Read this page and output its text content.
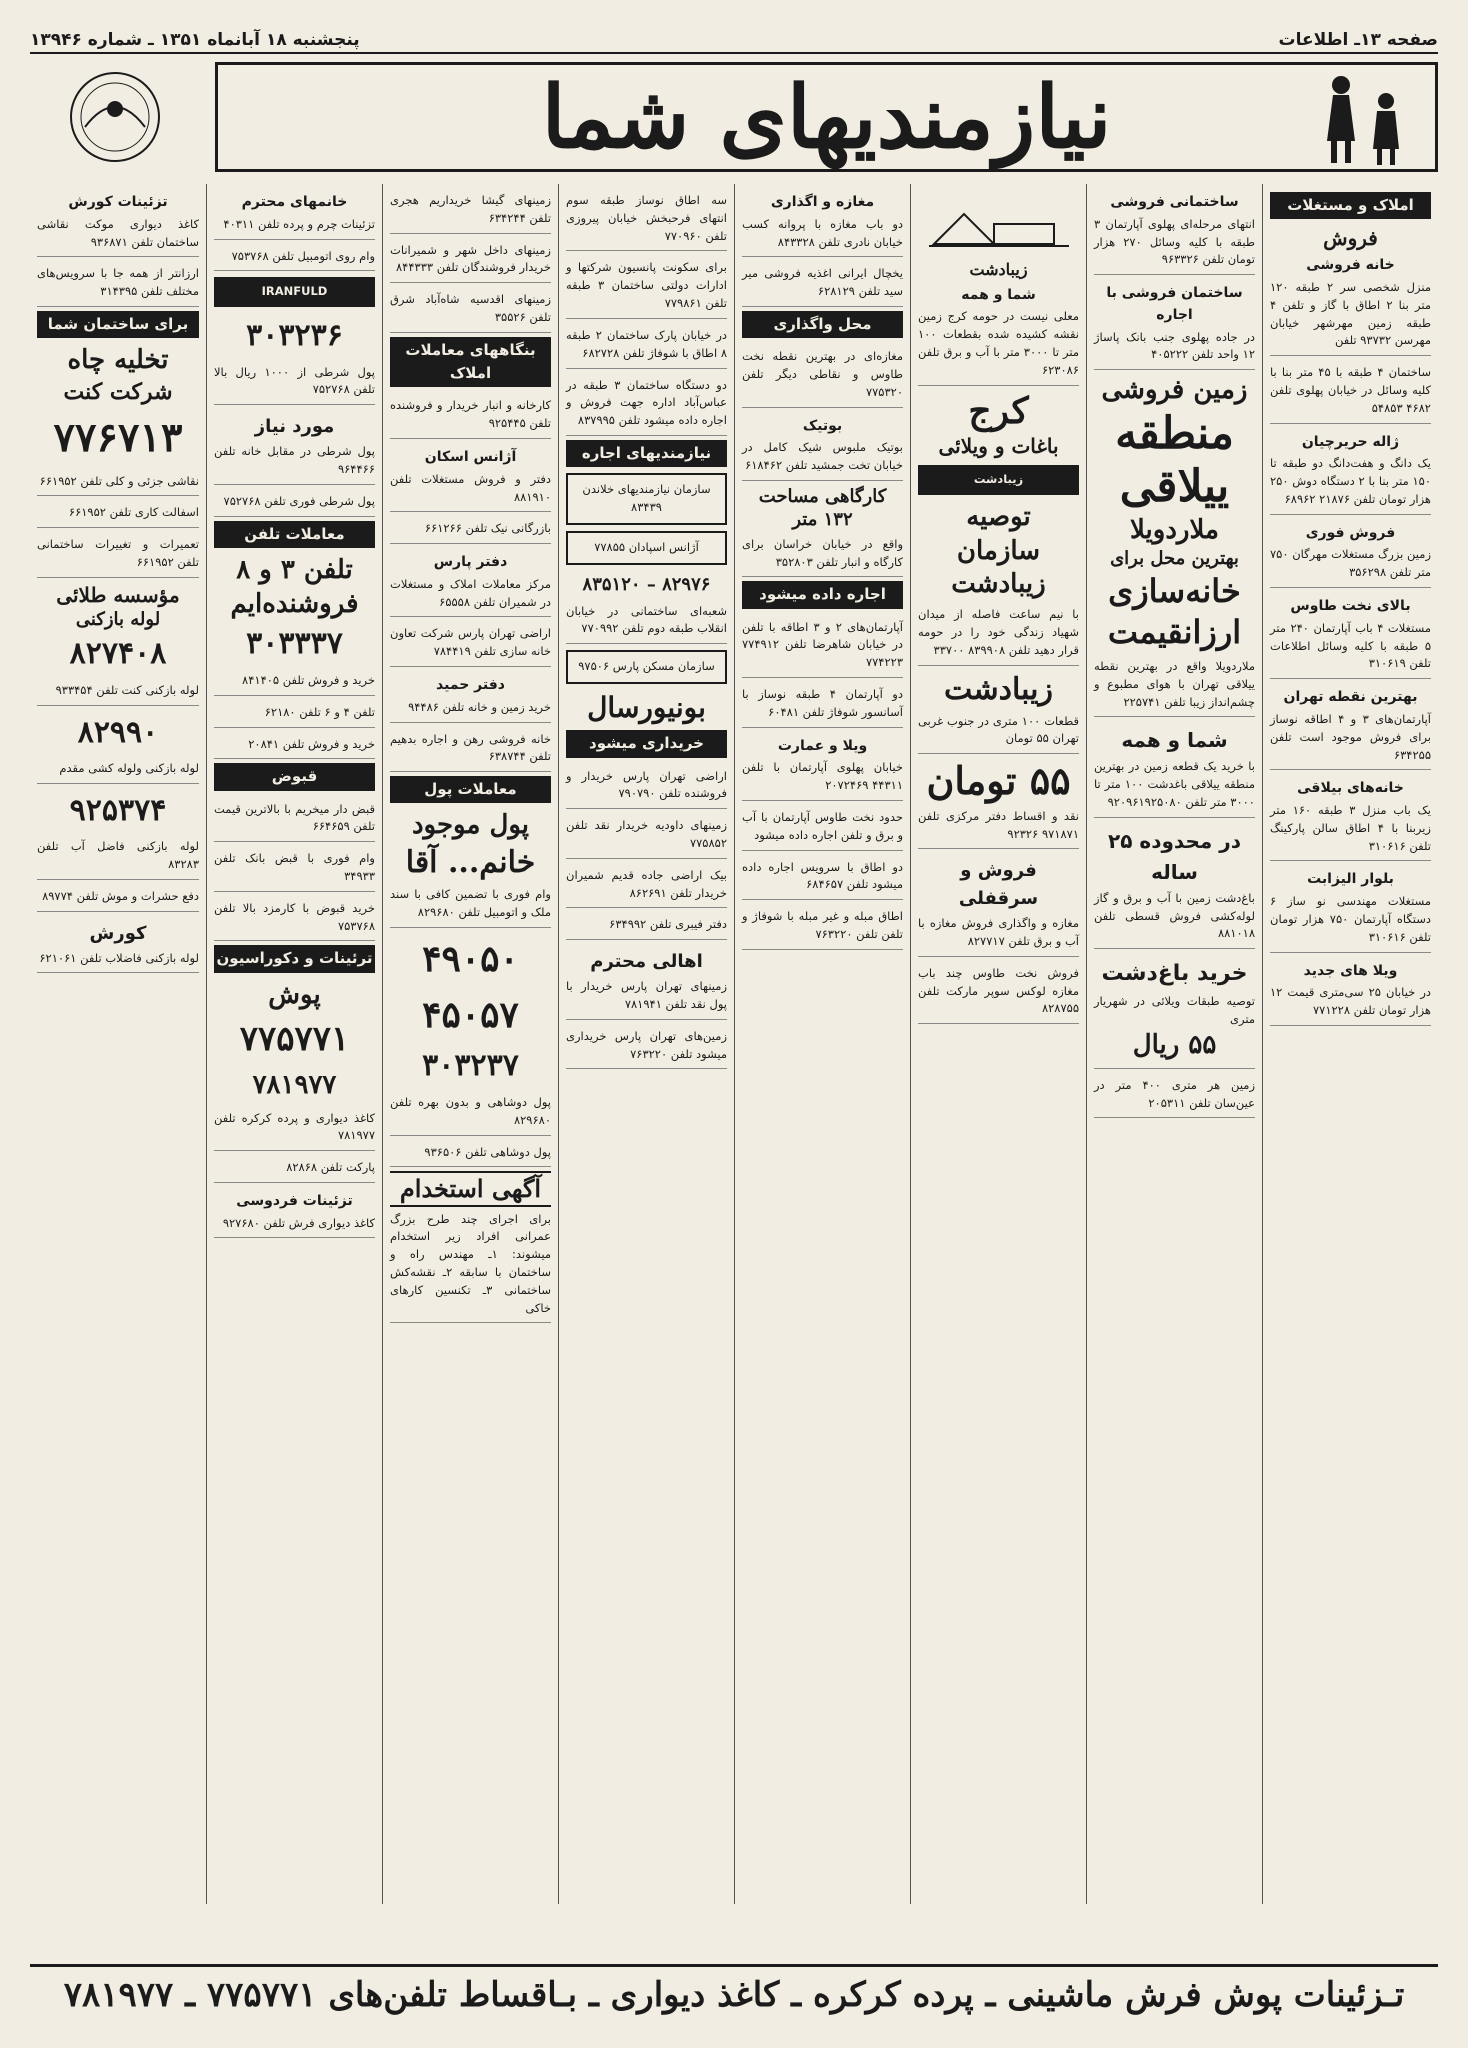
صفحه ۱۳ـ اطلاعات
پنجشنبه ۱۸ آبانماه ۱۳۵۱ ـ شماره ۱۳۹۴۶
نیازمندیهای شما
املاک و مستغلات
فروش
خانه فروشی

منزل شخصی سر ۲ طبقه ۱۲۰ متر بنا ۲ اطاق با گاز و تلفن ۴ طبقه زمین مهرشهر خیابان مهرسن ۹۳۷۳۲ تلفن

ساختمان ۴ طبقه با ۴۵ متر بنا با کلیه وسائل در خیابان پهلوی تلفن ۴۶۸۲ ۵۴۸۵۳

ژاله حریرچیان

یک دانگ و هفت‌دانگ دو طبقه تا ۱۵۰ متر بنا با ۲ دستگاه دوش ۲۵۰ هزار تومان تلفن ۲۱۸۷۶ ۶۸۹۶۲

فروش فوری

زمین بزرگ مستغلات مهرگان ۷۵۰ متر تلفن ۳۵۶۲۹۸

بالای نخت طاوس

مستغلات ۴ باب آپارتمان ۲۴۰ متر ۵ طبقه با کلیه وسائل اطلاعات تلفن ۳۱۰۶۱۹

بهترین نقطه تهران

آپارتمان‌های ۳ و ۴ اطاقه نوساز برای فروش موجود است تلفن ۶۳۴۲۵۵

خانه‌های بیلاقی

یک باب منزل ۳ طبقه ۱۶۰ متر زیربنا با ۴ اطاق سالن پارکینگ تلفن ۳۱۰۶۱۶

بلوار الیزابت

مستغلات مهندسی نو ساز ۶ دستگاه آپارتمان ۷۵۰ هزار تومان تلفن ۳۱۰۶۱۶

ویلا های جدید

در خیابان ۲۵ سی‌متری قیمت ۱۲ هزار تومان تلفن ۷۷۱۲۲۸

ساختمانی فروشی

انتهای مرحله‌ای پهلوی آپارتمان ۳ طبقه با کلیه وسائل ۲۷۰ هزار تومان تلفن ۹۶۳۳۲۶

ساختمان فروشی با اجاره

در جاده پهلوی جنب بانک پاساژ ۱۲ واحد تلفن ۴۰۵۲۲۲

زمین فروشی
منطقه
ییلاقی
ملاردویلا
بهترین محل برای
خانه‌سازی
ارزانقیمت

ملاردویلا واقع در بهترین نقطه ییلاقی تهران با هوای مطبوع و چشم‌انداز زیبا تلفن ۲۲۵۷۴۱

شما و همه

با خرید یک قطعه زمین در بهترین منطقه ییلاقی باغدشت ۱۰۰ متر تا ۳۰۰۰ متر تلفن ۹۲۰۹۶۱۹۲۵۰۸۰

در محدوده ۲۵ ساله

باغ‌دشت زمین با آب و برق و گاز لوله‌کشی فروش قسطی تلفن ۸۸۱۰۱۸

خرید باغ‌دشت

توصیه طبقات ویلائی در شهریار متری

۵۵ ریال

زمین هر متری ۴۰۰ متر در عین‌سان تلفن ۲۰۵۳۱۱

زیبادشت
شما و همه

معلی نیست در حومه کرج زمین نقشه کشیده شده بقطعات ۱۰۰ متر تا ۳۰۰۰ متر با آب و برق تلفن ۶۲۳۰۸۶

کرج
باغات و ویلائی
زیبادشت
توصیه
سازمان
زیبادشت

با نیم ساعت فاصله از میدان شهیاد زندگی خود را در حومه قرار دهید تلفن ۸۳۹۹۰۸ ۳۳۷۰۰

زیبادشت

قطعات ۱۰۰ متری در جنوب غربی تهران ۵۵ تومان

۵۵ تومان

نقد و اقساط دفتر مرکزی تلفن ۹۷۱۸۷۱ ۹۲۳۲۶

فروش و سرقفلی

مغازه و واگذاری فروش مغازه با آب و برق تلفن ۸۲۷۷۱۷

فروش نخت طاوس چند باب مغازه لوکس سوپر مارکت تلفن ۸۲۸۷۵۵

مغازه و اگذاری

دو باب مغازه با پروانه کسب خیابان نادری تلفن ۸۴۳۳۲۸

یخچال ایرانی اغذیه فروشی میر سید تلفن ۶۲۸۱۲۹

محل واگذاری

مغازه‌ای در بهترین نقطه نخت طاوس و نقاطی دیگر تلفن ۷۷۵۳۲۰

بوتیک

بوتیک ملبوس شیک کامل در خیابان تخت جمشید تلفن ۶۱۸۴۶۲

کارگاهی مساحت ۱۳۲ متر

واقع در خیابان خراسان برای کارگاه و انبار تلفن ۳۵۲۸۰۳

اجاره داده میشود

آپارتمان‌های ۲ و ۳ اطاقه با تلفن در خیابان شاهرضا تلفن ۷۷۴۹۱۲ ۷۷۴۲۲۳

دو آپارتمان ۴ طبقه نوساز با آسانسور شوفاژ تلفن ۶۰۴۸۱

ویلا و عمارت

خیابان پهلوی آپارتمان با تلفن ۴۴۳۱۱ ۲۰۷۲۴۶۹

حدود نخت طاوس آپارتمان با آب و برق و تلفن اجاره داده میشود

دو اطاق با سرویس اجاره داده میشود تلفن ۶۸۴۶۵۷

اطاق مبله و غیر مبله با شوفاژ و تلفن تلفن ۷۶۳۲۲۰

سه اطاق نوساز طبقه سوم انتهای فرحبخش خیابان پیروزی تلفن ۷۷۰۹۶۰

برای سکونت پانسیون شرکتها و ادارات دولتی ساختمان ۳ طبقه تلفن ۷۷۹۸۶۱

در خیابان پارک ساختمان ۲ طبقه ۸ اطاق با شوفاژ تلفن ۶۸۲۷۲۸

دو دستگاه ساختمان ۳ طبقه در عباس‌آباد اداره جهت فروش و اجاره داده میشود تلفن ۸۳۷۹۹۵

نیازمندیهای اجاره
سازمان نیازمندیهای خلاندن ۸۳۴۳۹
آژانس اسپادان ۷۷۸۵۵
۸۳۵۱۲۰ – ۸۲۹۷۶

شعبه‌ای ساختمانی در خیابان انقلاب طبقه دوم تلفن ۷۷۰۹۹۲

سازمان مسکن پارس ۹۷۵۰۶
بونیورسال
خریداری میشود

اراضی تهران پارس خریدار و فروشنده تلفن ۷۹۰۷۹۰

زمینهای داودیه خریدار نقد تلفن ۷۷۵۸۵۲

بیک اراضی جاده قدیم شمیران خریدار تلفن ۸۶۲۶۹۱

دفتر فیبری تلفن ۶۳۴۹۹۲

اهالی محترم

زمینهای تهران پارس خریدار با پول نقد تلفن ۷۸۱۹۴۱

زمین‌های تهران پارس خریداری میشود تلفن ۷۶۳۲۲۰

زمینهای گیشا خریداریم هجری تلفن ۶۳۴۲۴۴

زمینهای داخل شهر و شمیرانات خریدار فروشندگان تلفن ۸۴۴۳۳۳

زمینهای اقدسیه شاه‌آباد شرق تلفن ۳۵۵۲۶

بنگاههای معاملات املاک

کارخانه و انبار خریدار و فروشنده تلفن ۹۲۵۴۴۵

آژانس اسکان

دفتر و فروش مستغلات تلفن ۸۸۱۹۱۰

بازرگانی نیک تلفن ۶۶۱۲۶۶

دفتر پارس

مرکز معاملات املاک و مستغلات در شمیران تلفن ۶۵۵۵۸

اراضی تهران پارس شرکت تعاون خانه سازی تلفن ۷۸۴۴۱۹

دفتر حمید

خرید زمین و خانه تلفن ۹۴۴۸۶

خانه فروشی رهن و اجاره بدهیم تلفن ۶۳۸۷۴۴

معاملات پول
پول موجود
خانم... آقا

وام فوری با تضمین کافی با سند ملک و اتومبیل تلفن ۸۲۹۶۸۰

۴۹۰۵۰
۴۵۰۵۷
۳۰۳۲۳۷

پول دوشاهی و بدون بهره تلفن ۸۲۹۶۸۰

پول دوشاهی تلفن ۹۳۶۵۰۶

آگهی استخدام

برای اجرای چند طرح بزرگ عمرانی افراد زیر استخدام میشوند: ۱ـ مهندس راه و ساختمان با سابقه ۲ـ نقشه‌کش ساختمانی ۳ـ تکنسین کارهای خاکی

خانمهای محترم

تزئینات چرم و پرده تلفن ۴۰۳۱۱

وام روی اتومبیل تلفن ۷۵۳۷۶۸

IRANFULD
۳۰۳۲۳۶

پول شرطی از ۱۰۰۰ ریال بالا تلفن ۷۵۲۷۶۸

مورد نیاز

پول شرطی در مقابل خانه تلفن ۹۶۴۴۶۶

پول شرطی فوری تلفن ۷۵۲۷۶۸

معاملات تلفن
تلفن ۳ و ۸
فروشنده‌ایم
۳۰۳۳۳۷

خرید و فروش تلفن ۸۴۱۴۰۵

تلفن ۴ و ۶ تلفن ۶۲۱۸۰

خرید و فروش تلفن ۲۰۸۴۱

قبوض

قبض دار میخریم با بالاترین قیمت تلفن ۶۶۴۶۵۹

وام فوری با قبض بانک تلفن ۳۴۹۳۳

خرید قبوض با کارمزد بالا تلفن ۷۵۳۷۶۸

ترئینات و دکوراسیون
پوش
۷۷۵۷۷۱
۷۸۱۹۷۷

کاغذ دیواری و پرده کرکره تلفن ۷۸۱۹۷۷

پارکت تلفن ۸۲۸۶۸

تزئینات فردوسی

کاغذ دیواری فرش تلفن ۹۲۷۶۸۰

تزئینات کورش

کاغذ دیواری موکت نقاشی ساختمان تلفن ۹۳۶۸۷۱

ارزانتر از همه جا با سرویس‌های مختلف تلفن ۳۱۴۳۹۵

برای ساختمان شما
تخلیه چاه
شرکت کنت
۷۷۶۷۱۳

نقاشی جزئی و کلی تلفن ۶۶۱۹۵۲

اسفالت کاری تلفن ۶۶۱۹۵۲

تعمیرات و تغییرات ساختمانی تلفن ۶۶۱۹۵۲

مؤسسه طلائی
لوله بازکنی
۸۲۷۴۰۸

لوله بازکنی کنت تلفن ۹۳۳۴۵۴

۸۲۹۹۰

لوله بازکنی ولوله کشی مقدم

۹۲۵۳۷۴

لوله بازکنی فاضل آب تلفن ۸۳۲۸۳

دفع حشرات و موش تلفن ۸۹۷۷۴

کورش

لوله بازکنی فاضلاب تلفن ۶۲۱۰۶۱

تـزئینات پوش فرش ماشینی ـ پرده کرکره ـ کاغذ دیواری ـ بـاقساط تلفن‌های ۷۷۵۷۷۱ ـ ۷۸۱۹۷۷
